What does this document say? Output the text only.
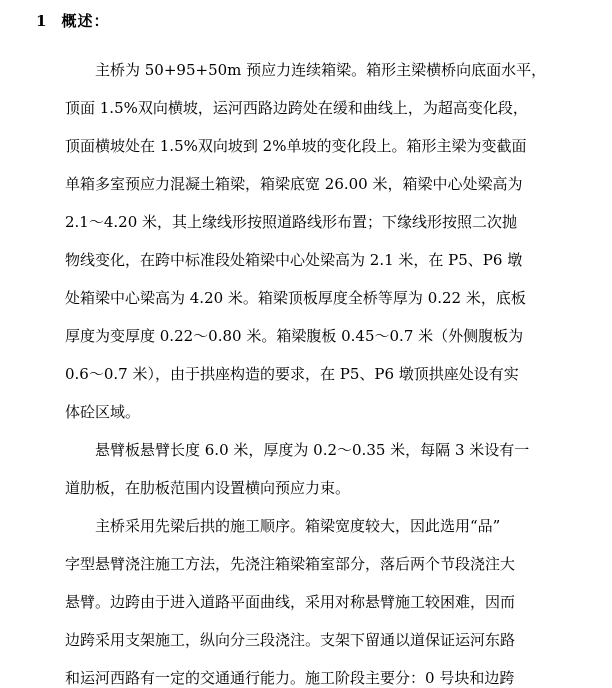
1 概述：
　　主桥为 50+95+50m 预应力连续箱梁。箱形主梁横桥向底面水平，
顶面 1.5%双向横坡，运河西路边跨处在缓和曲线上，为超高变化段，
顶面横坡处在 1.5%双向坡到 2%单坡的变化段上。箱形主梁为变截面
单箱多室预应力混凝土箱梁，箱梁底宽 26.00 米，箱梁中心处梁高为
2.1～4.20 米，其上缘线形按照道路线形布置；下缘线形按照二次抛
物线变化，在跨中标准段处箱梁中心处梁高为 2.1 米，在 P5、P6 墩
处箱梁中心梁高为 4.20 米。箱梁顶板厚度全桥等厚为 0.22 米，底板
厚度为变厚度 0.22～0.80 米。箱梁腹板 0.45～0.7 米（外侧腹板为
0.6～0.7 米），由于拱座构造的要求，在 P5、P6 墩顶拱座处设有实
体砼区域。
　　悬臂板悬臂长度 6.0 米，厚度为 0.2～0.35 米，每隔 3 米设有一
道肋板，在肋板范围内设置横向预应力束。
　　主桥采用先梁后拱的施工顺序。箱梁宽度较大，因此选用“品”
字型悬臂浇注施工方法，先浇注箱梁箱室部分，落后两个节段浇注大
悬臂。边跨由于进入道路平面曲线，采用对称悬臂施工较困难，因而
边跨采用支架施工，纵向分三段浇注。支架下留通以道保证运河东路
和运河西路有一定的交通通行能力。施工阶段主要分：0 号块和边跨
